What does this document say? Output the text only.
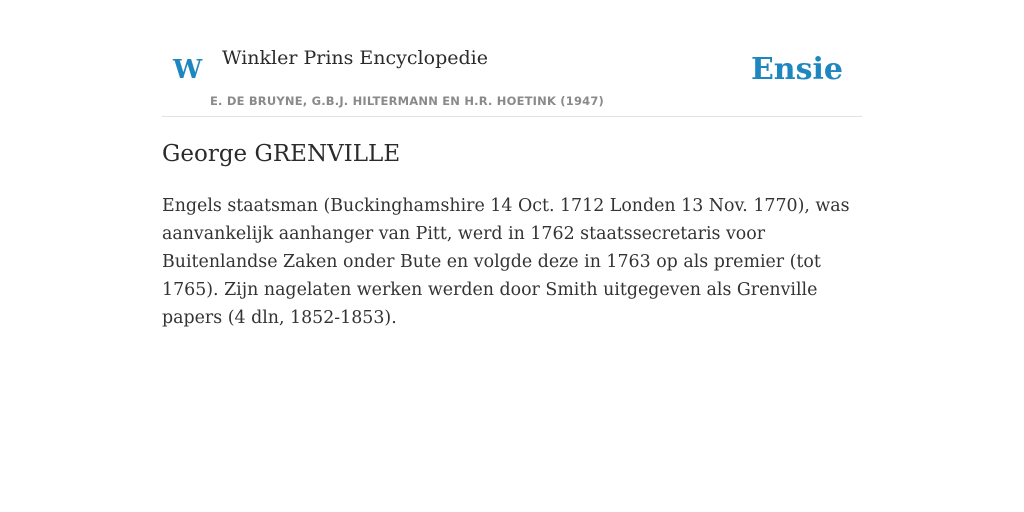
W Winkler Prins Encyclopedie
E. DE BRUYNE, G.B.J. HILTERMANN EN H.R. HOETINK (1947)
Ensie
George GRENVILLE

Engels staatsman (Buckinghamshire 14 Oct. 1712 Londen 13 Nov. 1770), was aanvankelijk aanhanger van Pitt, werd in 1762 staatssecretaris voor Buitenlandse Zaken onder Bute en volgde deze in 1763 op als premier (tot 1765). Zijn nagelaten werken werden door Smith uitgegeven als Grenville papers (4 dln, 1852-1853).
